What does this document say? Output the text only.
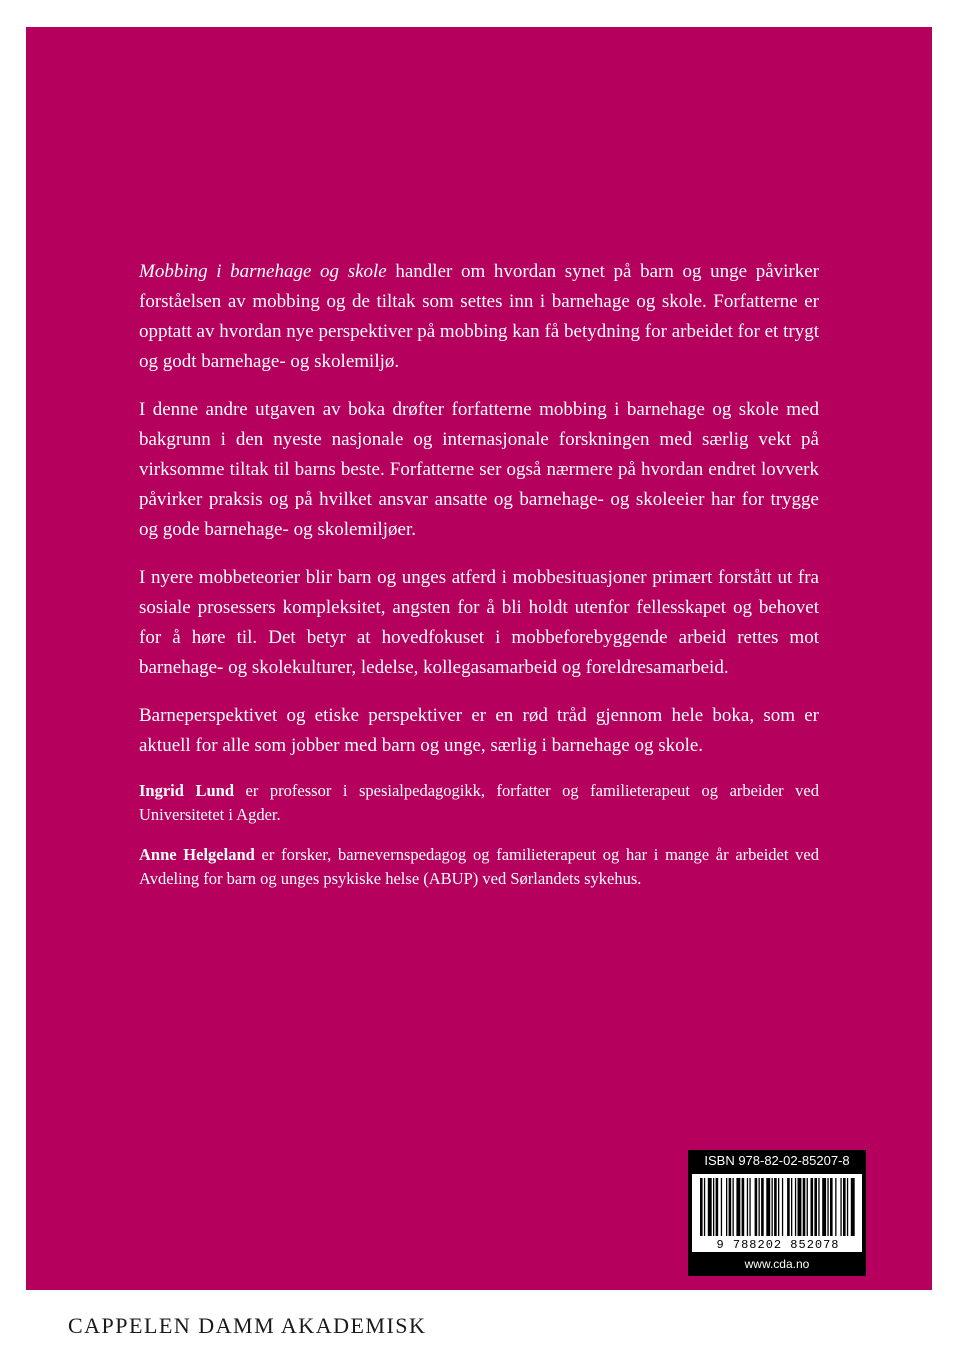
Mobbing i barnehage og skole handler om hvordan synet på barn og unge påvirker forståelsen av mobbing og de tiltak som settes inn i barnehage og skole. Forfatterne er opptatt av hvordan nye perspektiver på mobbing kan få betydning for arbeidet for et trygt og godt barnehage- og skolemiljø.

I denne andre utgaven av boka drøfter forfatterne mobbing i barnehage og skole med bakgrunn i den nyeste nasjonale og internasjonale forskningen med særlig vekt på virksomme tiltak til barns beste. Forfatterne ser også nærmere på hvordan endret lovverk påvirker praksis og på hvilket ansvar ansatte og barnehage- og skoleeier har for trygge og gode barnehage- og skolemiljøer.

I nyere mobbeteorier blir barn og unges atferd i mobbesituasjoner primært forstått ut fra sosiale prosessers kompleksitet, angsten for å bli holdt utenfor fellesskapet og behovet for å høre til. Det betyr at hovedfokuset i mobbeforebyggende arbeid rettes mot barnehage- og skolekulturer, ledelse, kollegasamarbeid og foreldresamarbeid.

Barneperspektivet og etiske perspektiver er en rød tråd gjennom hele boka, som er aktuell for alle som jobber med barn og unge, særlig i barnehage og skole.

Ingrid Lund er professor i spesialpedagogikk, forfatter og familieterapeut og arbeider ved Universitetet i Agder.

Anne Helgeland er forsker, barnevernspedagog og familieterapeut og har i mange år arbeidet ved Avdeling for barn og unges psykiske helse (ABUP) ved Sørlandets sykehus.

ISBN 978-82-02-85207-8
9 788202 852078
www.cda.no
CAPPELEN DAMM AKADEMISK
